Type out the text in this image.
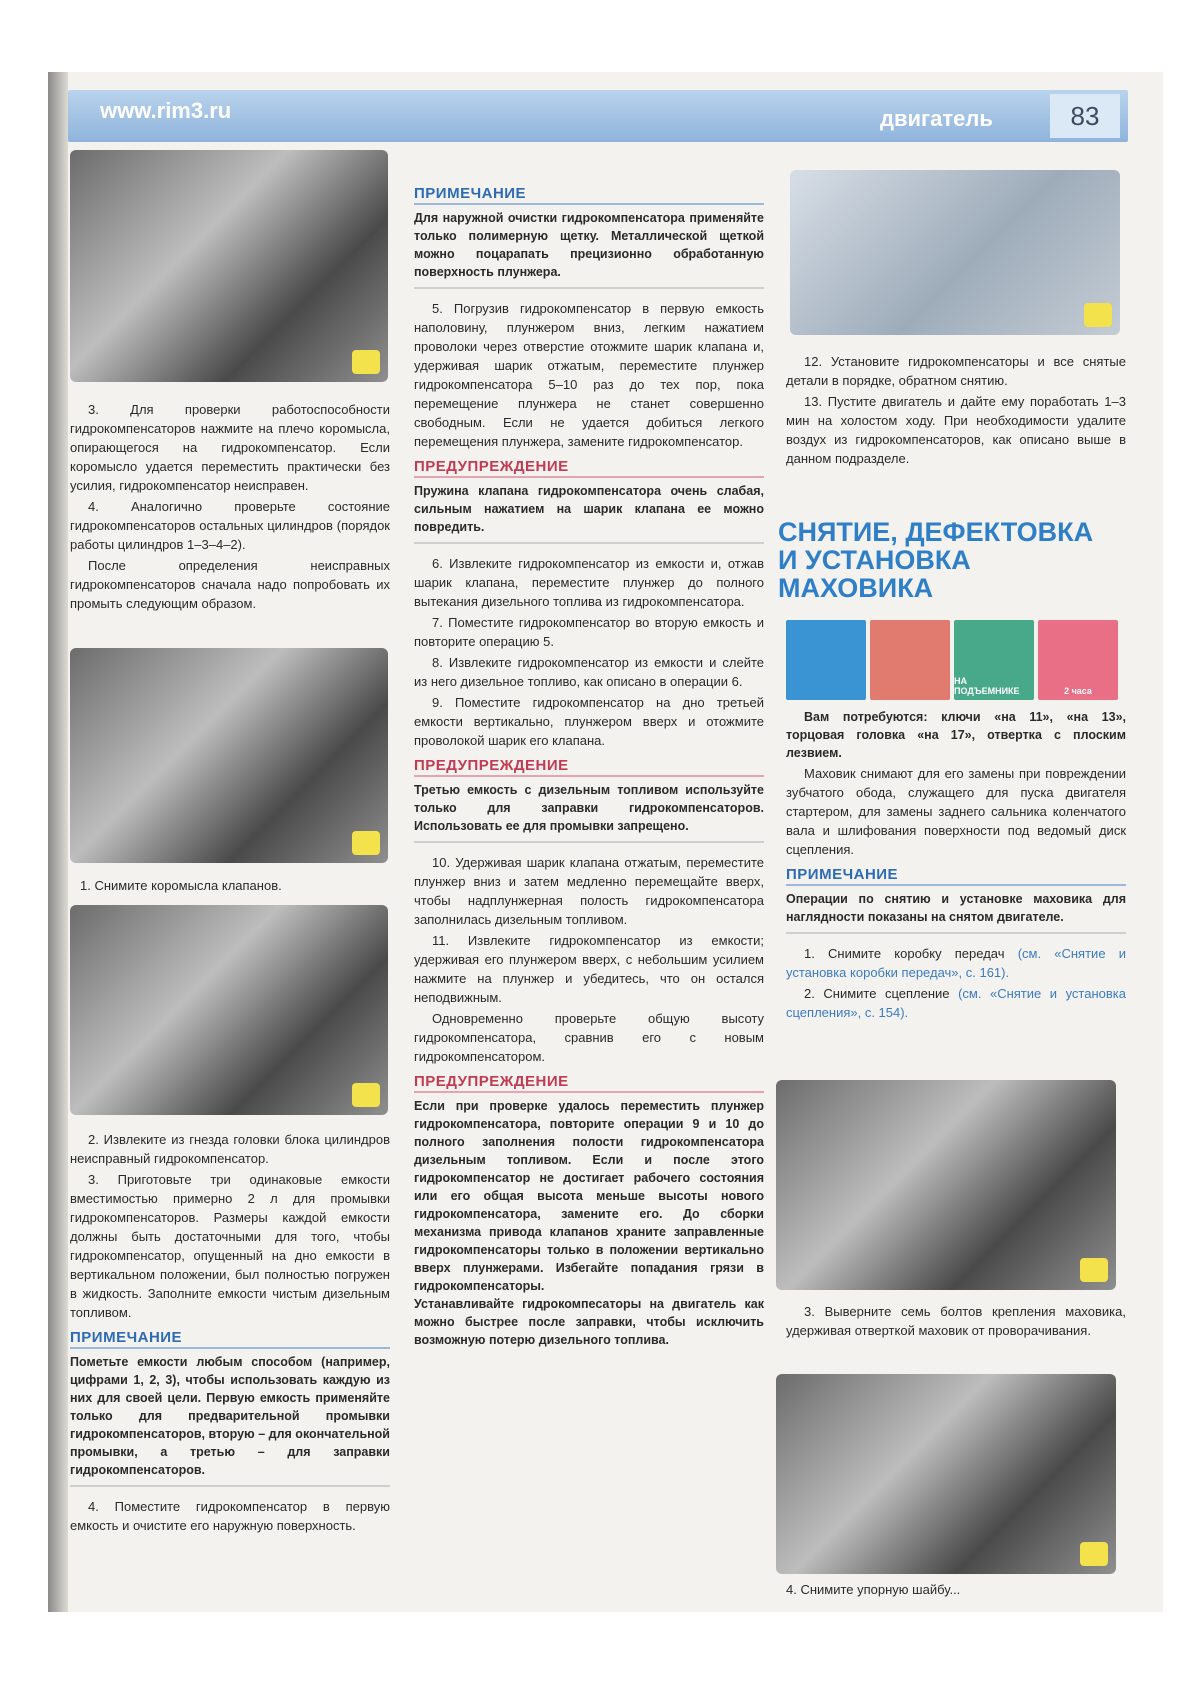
www.rim3.ru	двигатель	83

3. Для проверки работоспособности гидрокомпенсаторов нажмите на плечо коромысла, опирающегося на гидрокомпенсатор. Если коромысло удается переместить практически без усилия, гидрокомпенсатор неисправен.

4. Аналогично проверьте состояние гидрокомпенсаторов остальных цилиндров (порядок работы цилиндров 1–3–4–2).

После определения неисправных гидрокомпенсаторов сначала надо попробовать их промыть следующим образом.

1. Снимите коромысла клапанов.

2. Извлеките из гнезда головки блока цилиндров неисправный гидрокомпенсатор.

3. Приготовьте три одинаковые емкости вместимостью примерно 2 л для промывки гидрокомпенсаторов. Размеры каждой емкости должны быть достаточными для того, чтобы гидрокомпенсатор, опущенный на дно емкости в вертикальном положении, был полностью погружен в жидкость. Заполните емкости чистым дизельным топливом.

ПРИМЕЧАНИЕ
Пометьте емкости любым способом (например, цифрами 1, 2, 3), чтобы использовать каждую из них для своей цели. Первую емкость применяйте только для предварительной промывки гидрокомпенсаторов, вторую – для окончательной промывки, а третью – для заправки гидрокомпенсаторов.

4. Поместите гидрокомпенсатор в первую емкость и очистите его наружную поверхность.

ПРИМЕЧАНИЕ
Для наружной очистки гидрокомпенсатора применяйте только полимерную щетку. Металлической щеткой можно поцарапать прецизионно обработанную поверхность плунжера.

5. Погрузив гидрокомпенсатор в первую емкость наполовину, плунжером вниз, легким нажатием проволоки через отверстие отожмите шарик клапана и, удерживая шарик отжатым, переместите плунжер гидрокомпенсатора 5–10 раз до тех пор, пока перемещение плунжера не станет совершенно свободным. Если не удается добиться легкого перемещения плунжера, замените гидрокомпенсатор.

ПРЕДУПРЕЖДЕНИЕ
Пружина клапана гидрокомпенсатора очень слабая, сильным нажатием на шарик клапана ее можно повредить.

6. Извлеките гидрокомпенсатор из емкости и, отжав шарик клапана, переместите плунжер до полного вытекания дизельного топлива из гидрокомпенсатора.

7. Поместите гидрокомпенсатор во вторую емкость и повторите операцию 5.

8. Извлеките гидрокомпенсатор из емкости и слейте из него дизельное топливо, как описано в операции 6.

9. Поместите гидрокомпенсатор на дно третьей емкости вертикально, плунжером вверх и отожмите проволокой шарик его клапана.

ПРЕДУПРЕЖДЕНИЕ
Третью емкость с дизельным топливом используйте только для заправки гидрокомпенсаторов. Использовать ее для промывки запрещено.

10. Удерживая шарик клапана отжатым, переместите плунжер вниз и затем медленно перемещайте вверх, чтобы надплунжерная полость гидрокомпенсатора заполнилась дизельным топливом.

11. Извлеките гидрокомпенсатор из емкости; удерживая его плунжером вверх, с небольшим усилием нажмите на плунжер и убедитесь, что он остался неподвижным.

Одновременно проверьте общую высоту гидрокомпенсатора, сравнив его с новым гидрокомпенсатором.

ПРЕДУПРЕЖДЕНИЕ
Если при проверке удалось переместить плунжер гидрокомпенсатора, повторите операции 9 и 10 до полного заполнения полости гидрокомпенсатора дизельным топливом. Если и после этого гидрокомпенсатор не достигает рабочего состояния или его общая высота меньше высоты нового гидрокомпенсатора, замените его. До сборки механизма привода клапанов храните заправленные гидрокомпенсаторы только в положении вертикально вверх плунжерами. Избегайте попадания грязи в гидрокомпенсаторы.
Устанавливайте гидрокомпесаторы на двигатель как можно быстрее после заправки, чтобы исключить возможную потерю дизельного топлива.

12. Установите гидрокомпенсаторы и все снятые детали в порядке, обратном снятию.

13. Пустите двигатель и дайте ему поработать 1–3 мин на холостом ходу. При необходимости удалите воздух из гидрокомпенсаторов, как описано выше в данном подразделе.

СНЯТИЕ, ДЕФЕКТОВКА
И УСТАНОВКА
МАХОВИКА
НА ПОДЪЕМНИКЕ	2 часа

Вам потребуются: ключи «на 11», «на 13», торцовая головка «на 17», отвертка с плоским лезвием.

Маховик снимают для его замены при повреждении зубчатого обода, служащего для пуска двигателя стартером, для замены заднего сальника коленчатого вала и шлифования поверхности под ведомый диск сцепления.

ПРИМЕЧАНИЕ
Операции по снятию и установке маховика для наглядности показаны на снятом двигателе.

1. Снимите коробку передач (см. «Снятие и установка коробки передач», с. 161).

2. Снимите сцепление (см. «Снятие и установка сцепления», с. 154).

3. Выверните семь болтов крепления маховика, удерживая отверткой маховик от проворачивания.

4. Снимите упорную шайбу...
